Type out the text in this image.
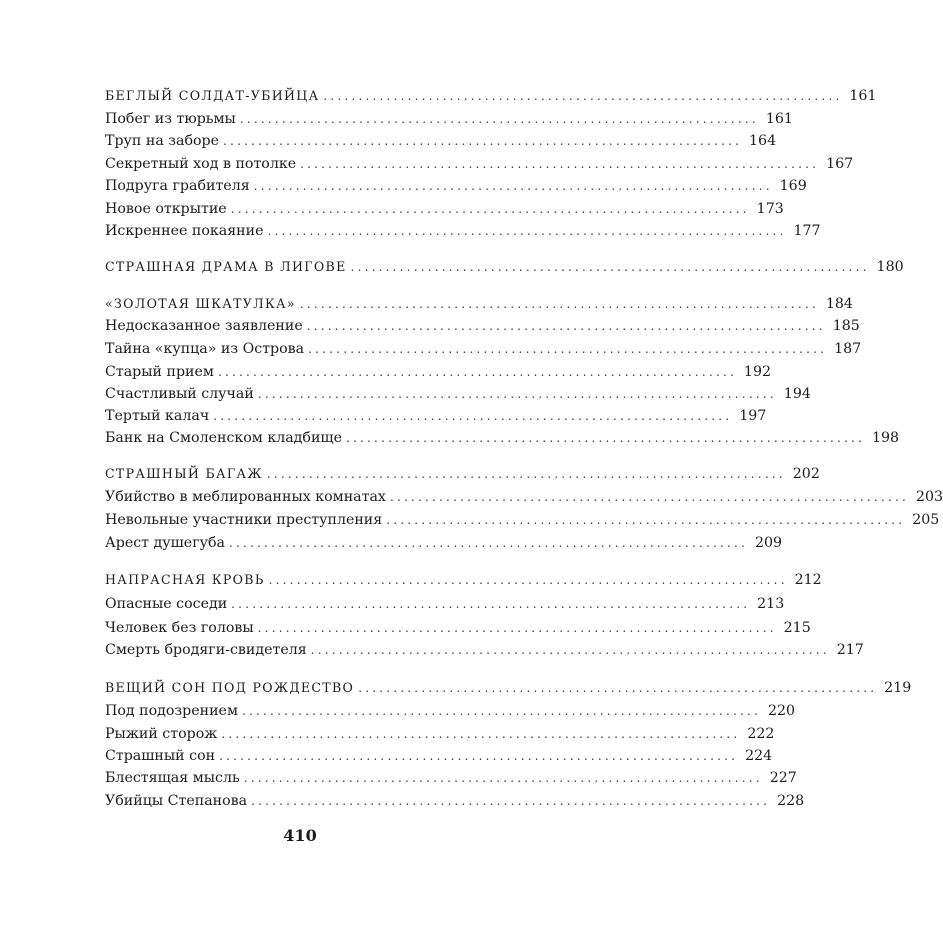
БЕГЛЫЙ СОЛДАТ-УБИЙЦА .......................................................................... 161
Побег из тюрьмы .......................................................................... 161
Труп на заборе .......................................................................... 164
Секретный ход в потолке .......................................................................... 167
Подруга грабителя .......................................................................... 169
Новое открытие .......................................................................... 173
Искреннее покаяние .......................................................................... 177
СТРАШНАЯ ДРАМА В ЛИГОВЕ .......................................................................... 180
«ЗОЛОТАЯ ШКАТУЛКА» .......................................................................... 184
Недосказанное заявление .......................................................................... 185
Тайна «купца» из Острова .......................................................................... 187
Старый прием .......................................................................... 192
Счастливый случай .......................................................................... 194
Тертый калач .......................................................................... 197
Банк на Смоленском кладбище .......................................................................... 198
СТРАШНЫЙ БАГАЖ .......................................................................... 202
Убийство в меблированных комнатах .......................................................................... 203
Невольные участники преступления .......................................................................... 205
Арест душегуба .......................................................................... 209
НАПРАСНАЯ КРОВЬ .......................................................................... 212
Опасные соседи .......................................................................... 213
Человек без головы .......................................................................... 215
Смерть бродяги-свидетеля .......................................................................... 217
ВЕЩИЙ СОН ПОД РОЖДЕСТВО .......................................................................... 219
Под подозрением .......................................................................... 220
Рыжий сторож .......................................................................... 222
Страшный сон .......................................................................... 224
Блестящая мысль .......................................................................... 227
Убийцы Степанова .......................................................................... 228
410
